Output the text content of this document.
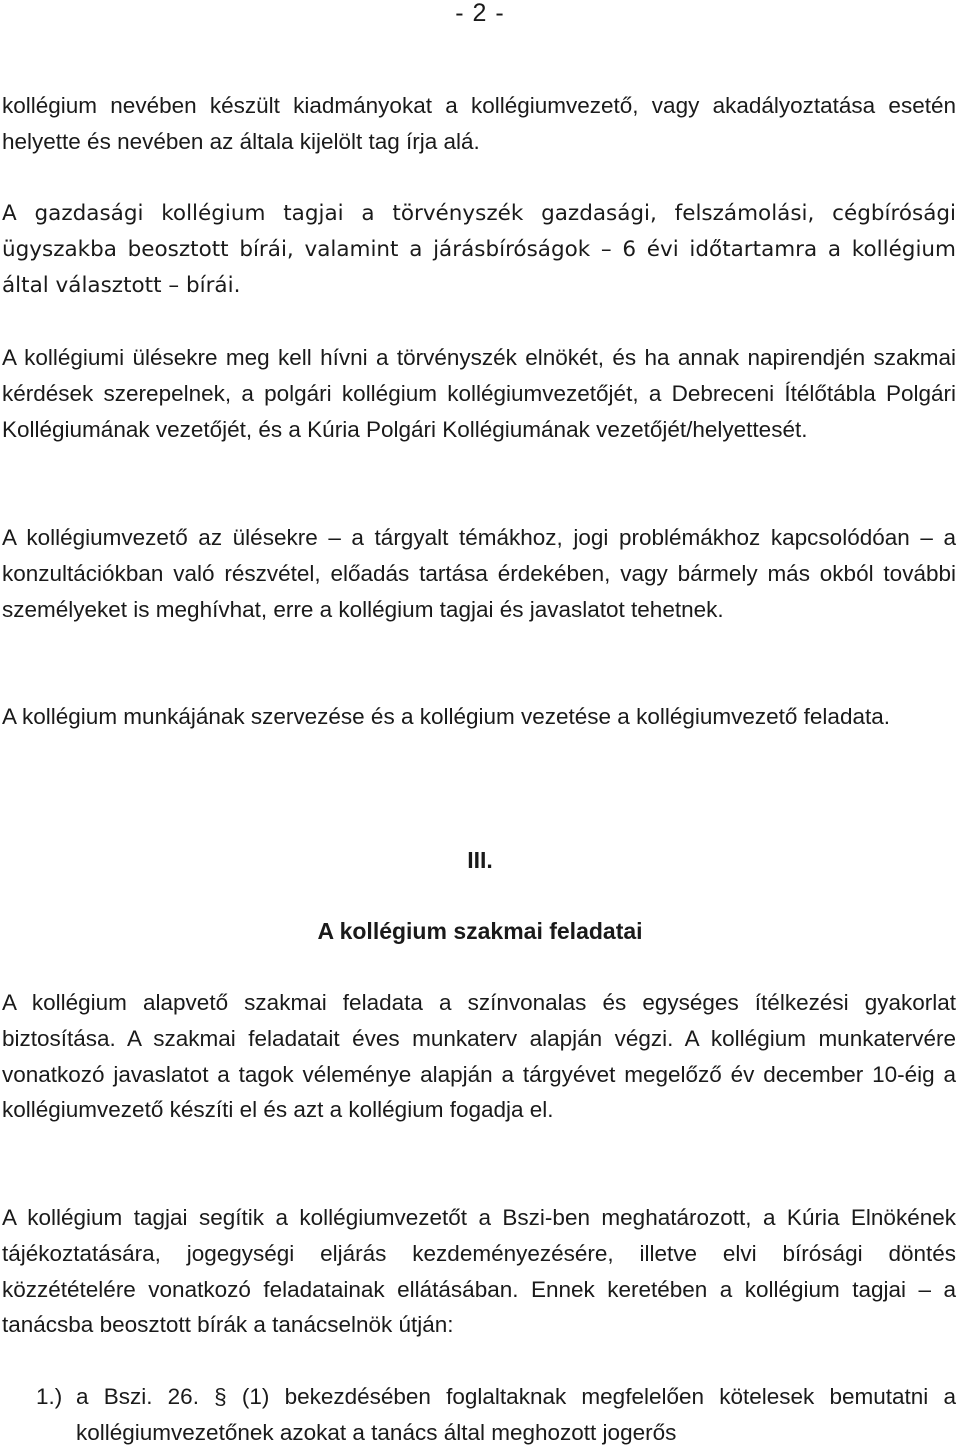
- 2 -

kollégium nevében készült kiadmányokat a kollégiumvezető, vagy akadályoztatása esetén helyette és nevében az általa kijelölt tag írja alá.

A gazdasági kollégium tagjai a törvényszék gazdasági, felszámolási, cégbírósági ügyszakba beosztott bírái, valamint a járásbíróságok – 6 évi időtartamra a kollégium által választott – bírái.

A kollégiumi ülésekre meg kell hívni a törvényszék elnökét, és ha annak napirendjén szakmai kérdések szerepelnek, a polgári kollégium kollégiumvezetőjét, a Debreceni Ítélőtábla Polgári Kollégiumának vezetőjét, és a Kúria Polgári Kollégiumának vezetőjét/helyettesét.

A kollégiumvezető az ülésekre – a tárgyalt témákhoz, jogi problémákhoz kapcsolódóan – a konzultációkban való részvétel, előadás tartása érdekében, vagy bármely más okból további személyeket is meghívhat, erre a kollégium tagjai és javaslatot tehetnek.

A kollégium munkájának szervezése és a kollégium vezetése a kollégiumvezető feladata.

III.
A kollégium szakmai feladatai

A kollégium alapvető szakmai feladata a színvonalas és egységes ítélkezési gyakorlat biztosítása. A szakmai feladatait éves munkaterv alapján végzi. A kollégium munkatervére vonatkozó javaslatot a tagok véleménye alapján a tárgyévet megelőző év december 10-éig a kollégiumvezető készíti el és azt a kollégium fogadja el.

A kollégium tagjai segítik a kollégiumvezetőt a Bszi-ben meghatározott, a Kúria Elnökének tájékoztatására, jogegységi eljárás kezdeményezésére, illetve elvi bírósági döntés közzétételére vonatkozó feladatainak ellátásában. Ennek keretében a kollégium tagjai – a tanácsba beosztott bírák a tanácselnök útján:

1.) a Bszi. 26. § (1) bekezdésében foglaltaknak megfelelően kötelesek bemutatni a kollégiumvezetőnek azokat a tanács által meghozott jogerős
